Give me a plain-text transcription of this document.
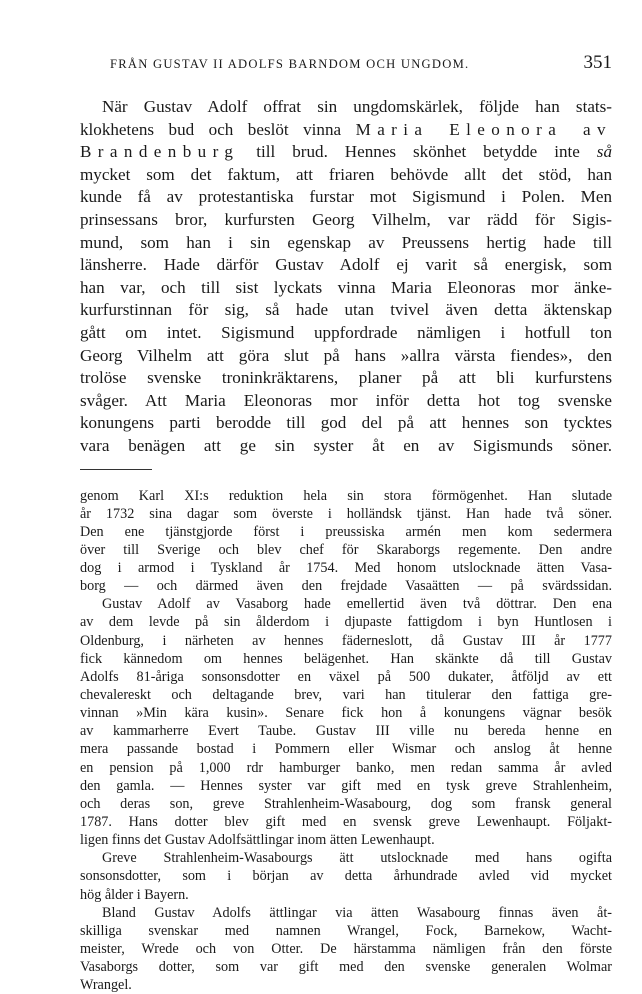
FRÅN GUSTAV II ADOLFS BARNDOM OCH UNGDOM.	351
När Gustav Adolf offrat sin ungdomskärlek, följde han stats-
klokhetens bud och beslöt vinna Maria Eleonora av
Brandenburg till brud. Hennes skönhet betydde inte så
mycket som det faktum, att friaren behövde allt det stöd, han
kunde få av protestantiska furstar mot Sigismund i Polen. Men
prinsessans bror, kurfursten Georg Vilhelm, var rädd för Sigis-
mund, som han i sin egenskap av Preussens hertig hade till
länsherre. Hade därför Gustav Adolf ej varit så energisk, som
han var, och till sist lyckats vinna Maria Eleonoras mor änke-
kurfurstinnan för sig, så hade utan tvivel även detta äktenskap
gått om intet. Sigismund uppfordrade nämligen i hotfull ton
Georg Vilhelm att göra slut på hans »allra värsta fiendes», den
trolöse svenske troninkräktarens, planer på att bli kurfurstens
svåger. Att Maria Eleonoras mor inför detta hot tog svenske
konungens parti berodde till god del på att hennes son tycktes
vara benägen att ge sin syster åt en av Sigismunds söner.
genom Karl XI:s reduktion hela sin stora förmögenhet. Han slutade
år 1732 sina dagar som överste i holländsk tjänst. Han hade två söner.
Den ene tjänstgjorde först i preussiska armén men kom sedermera
över till Sverige och blev chef för Skaraborgs regemente. Den andre
dog i armod i Tyskland år 1754. Med honom utslocknade ätten Vasa-
borg — och därmed även den frejdade Vasaätten — på svärdssidan.
Gustav Adolf av Vasaborg hade emellertid även två döttrar. Den ena
av dem levde på sin ålderdom i djupaste fattigdom i byn Huntlosen i
Oldenburg, i närheten av hennes fäderneslott, då Gustav III år 1777
fick kännedom om hennes belägenhet. Han skänkte då till Gustav
Adolfs 81-åriga sonsonsdotter en växel på 500 dukater, åtföljd av ett
chevalereskt och deltagande brev, vari han titulerar den fattiga gre-
vinnan »Min kära kusin». Senare fick hon å konungens vägnar besök
av kammarherre Evert Taube. Gustav III ville nu bereda henne en
mera passande bostad i Pommern eller Wismar och anslog åt henne
en pension på 1,000 rdr hamburger banko, men redan samma år avled
den gamla. — Hennes syster var gift med en tysk greve Strahlenheim,
och deras son, greve Strahlenheim-Wasabourg, dog som fransk general
1787. Hans dotter blev gift med en svensk greve Lewenhaupt. Följakt-
ligen finns det Gustav Adolfsättlingar inom ätten Lewenhaupt.
Greve Strahlenheim-Wasabourgs ätt utslocknade med hans ogifta
sonsonsdotter, som i början av detta århundrade avled vid mycket
hög ålder i Bayern.
Bland Gustav Adolfs ättlingar via ätten Wasabourg finnas även åt-
skilliga svenskar med namnen Wrangel, Fock, Barnekow, Wacht-
meister, Wrede och von Otter. De härstamma nämligen från den förste
Vasaborgs dotter, som var gift med den svenske generalen Wolmar
Wrangel.
